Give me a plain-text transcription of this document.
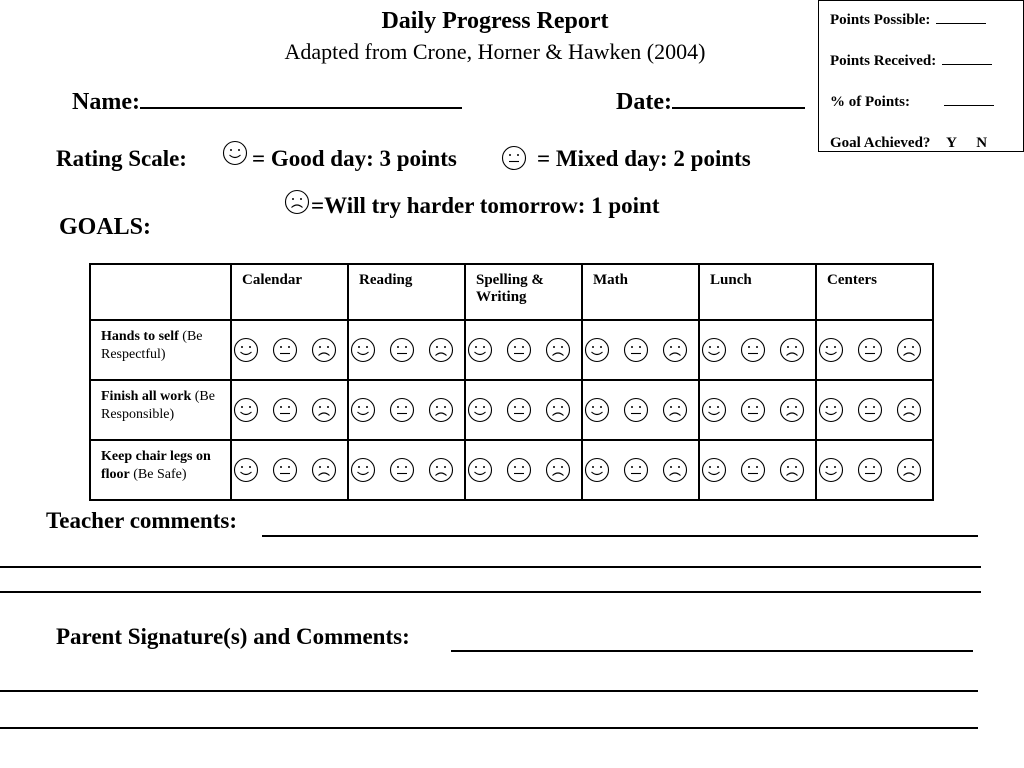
Daily Progress Report
Adapted from Crone, Horner & Hawken (2004)
Points Possible:
Points Received:
% of Points:
Goal Achieved? Y N
Name:	Date:
Rating Scale:	= Good day: 3 points	= Mixed day: 2 points
=Will try harder tomorrow: 1 point
GOALS:
	Calendar	Reading	Spelling & Writing	Math	Lunch	Centers
Hands to self (Be Respectful)	

Finish all work (Be Responsible)	

Keep chair legs on floor (Be Safe)	

Teacher comments:
Parent Signature(s) and Comments:
